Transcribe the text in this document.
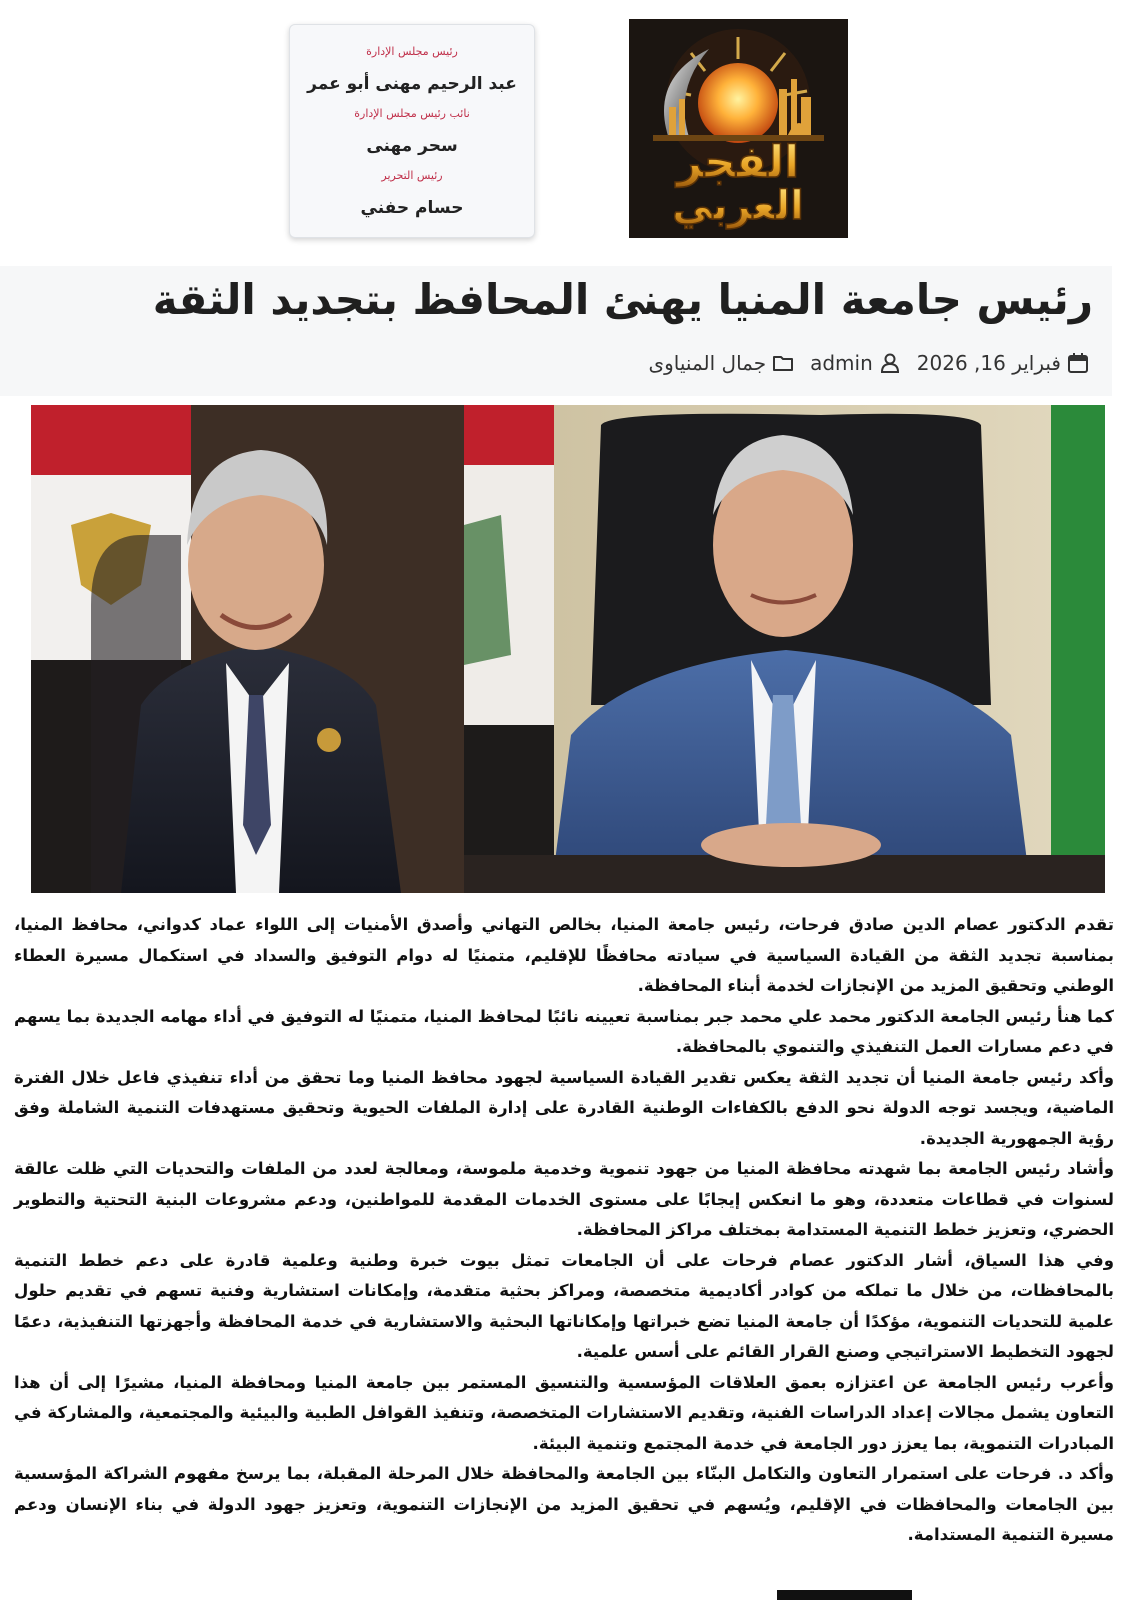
الفجر
العربي
رئيس مجلس الإدارة
عبد الرحيم مهنى أبو عمر
نائب رئيس مجلس الإدارة
سحر مهنى
رئيس التحرير
حسام حفني
رئيس جامعة المنيا يهنئ المحافظ بتجديد الثقة
فبراير 16, 2026
admin
جمال المنياوى

تقدم الدكتور عصام الدين صادق فرحات، رئيس جامعة المنيا، بخالص التهاني وأصدق الأمنيات إلى اللواء عماد كدواني، محافظ المنيا، بمناسبة تجديد الثقة من القيادة السياسية في سيادته محافظًا للإقليم، متمنيًا له دوام التوفيق والسداد في استكمال مسيرة العطاء الوطني وتحقيق المزيد من الإنجازات لخدمة أبناء المحافظة.

كما هنأ رئيس الجامعة الدكتور محمد علي محمد جبر بمناسبة تعيينه نائبًا لمحافظ المنيا، متمنيًا له التوفيق في أداء مهامه الجديدة بما يسهم في دعم مسارات العمل التنفيذي والتنموي بالمحافظة.

وأكد رئيس جامعة المنيا أن تجديد الثقة يعكس تقدير القيادة السياسية لجهود محافظ المنيا وما تحقق من أداء تنفيذي فاعل خلال الفترة الماضية، ويجسد توجه الدولة نحو الدفع بالكفاءات الوطنية القادرة على إدارة الملفات الحيوية وتحقيق مستهدفات التنمية الشاملة وفق رؤية الجمهورية الجديدة.

وأشاد رئيس الجامعة بما شهدته محافظة المنيا من جهود تنموية وخدمية ملموسة، ومعالجة لعدد من الملفات والتحديات التي ظلت عالقة لسنوات في قطاعات متعددة، وهو ما انعكس إيجابًا على مستوى الخدمات المقدمة للمواطنين، ودعم مشروعات البنية التحتية والتطوير الحضري، وتعزيز خطط التنمية المستدامة بمختلف مراكز المحافظة.

وفي هذا السياق، أشار الدكتور عصام فرحات على أن الجامعات تمثل بيوت خبرة وطنية وعلمية قادرة على دعم خطط التنمية بالمحافظات، من خلال ما تملكه من كوادر أكاديمية متخصصة، ومراكز بحثية متقدمة، وإمكانات استشارية وفنية تسهم في تقديم حلول علمية للتحديات التنموية، مؤكدًا أن جامعة المنيا تضع خبراتها وإمكاناتها البحثية والاستشارية في خدمة المحافظة وأجهزتها التنفيذية، دعمًا لجهود التخطيط الاستراتيجي وصنع القرار القائم على أسس علمية.

وأعرب رئيس الجامعة عن اعتزازه بعمق العلاقات المؤسسية والتنسيق المستمر بين جامعة المنيا ومحافظة المنيا، مشيرًا إلى أن هذا التعاون يشمل مجالات إعداد الدراسات الفنية، وتقديم الاستشارات المتخصصة، وتنفيذ القوافل الطبية والبيئية والمجتمعية، والمشاركة في المبادرات التنموية، بما يعزز دور الجامعة في خدمة المجتمع وتنمية البيئة.

وأكد د. فرحات على استمرار التعاون والتكامل البنّاء بين الجامعة والمحافظة خلال المرحلة المقبلة، بما يرسخ مفهوم الشراكة المؤسسية بين الجامعات والمحافظات في الإقليم، ويُسهم في تحقيق المزيد من الإنجازات التنموية، وتعزيز جهود الدولة في بناء الإنسان ودعم مسيرة التنمية المستدامة.
